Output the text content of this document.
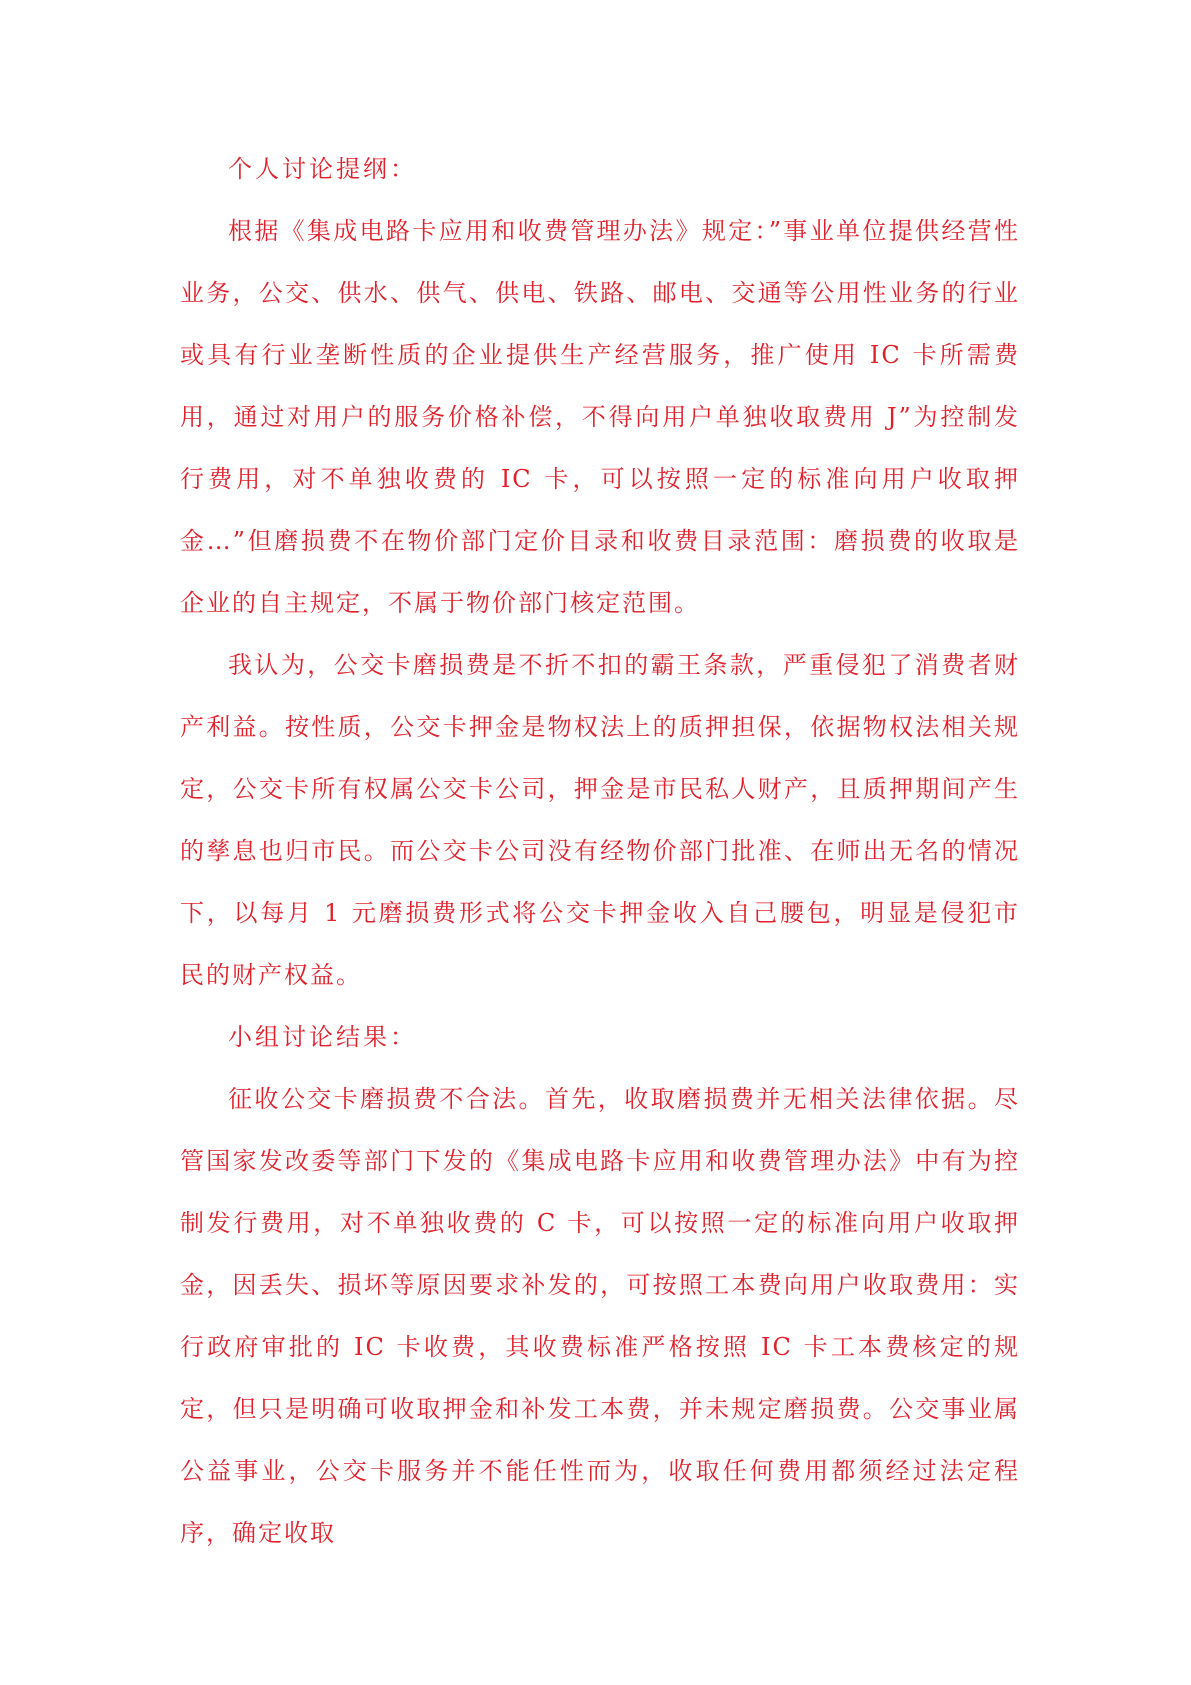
个人讨论提纲：

根据《集成电路卡应用和收费管理办法》规定：”事业单位提供经营性业务，公交、供水、供气、供电、铁路、邮电、交通等公用性业务的行业或具有行业垄断性质的企业提供生产经营服务，推广使用 IC 卡所需费用，通过对用户的服务价格补偿，不得向用户单独收取费用 J”为控制发行费用，对不单独收费的 IC 卡，可以按照一定的标准向用户收取押金…”但磨损费不在物价部门定价目录和收费目录范围：磨损费的收取是企业的自主规定，不属于物价部门核定范围。

我认为，公交卡磨损费是不折不扣的霸王条款，严重侵犯了消费者财产利益。按性质，公交卡押金是物权法上的质押担保，依据物权法相关规定，公交卡所有权属公交卡公司，押金是市民私人财产，且质押期间产生的孳息也归市民。而公交卡公司没有经物价部门批准、在师出无名的情况下，以每月 1 元磨损费形式将公交卡押金收入自己腰包，明显是侵犯市民的财产权益。

小组讨论结果：

征收公交卡磨损费不合法。首先，收取磨损费并无相关法律依据。尽管国家发改委等部门下发的《集成电路卡应用和收费管理办法》中有为控制发行费用，对不单独收费的 C 卡，可以按照一定的标准向用户收取押金，因丢失、损坏等原因要求补发的，可按照工本费向用户收取费用：实行政府审批的 IC 卡收费，其收费标准严格按照 IC 卡工本费核定的规定，但只是明确可收取押金和补发工本费，并未规定磨损费。公交事业属公益事业，公交卡服务并不能任性而为，收取任何费用都须经过法定程序，确定收取
